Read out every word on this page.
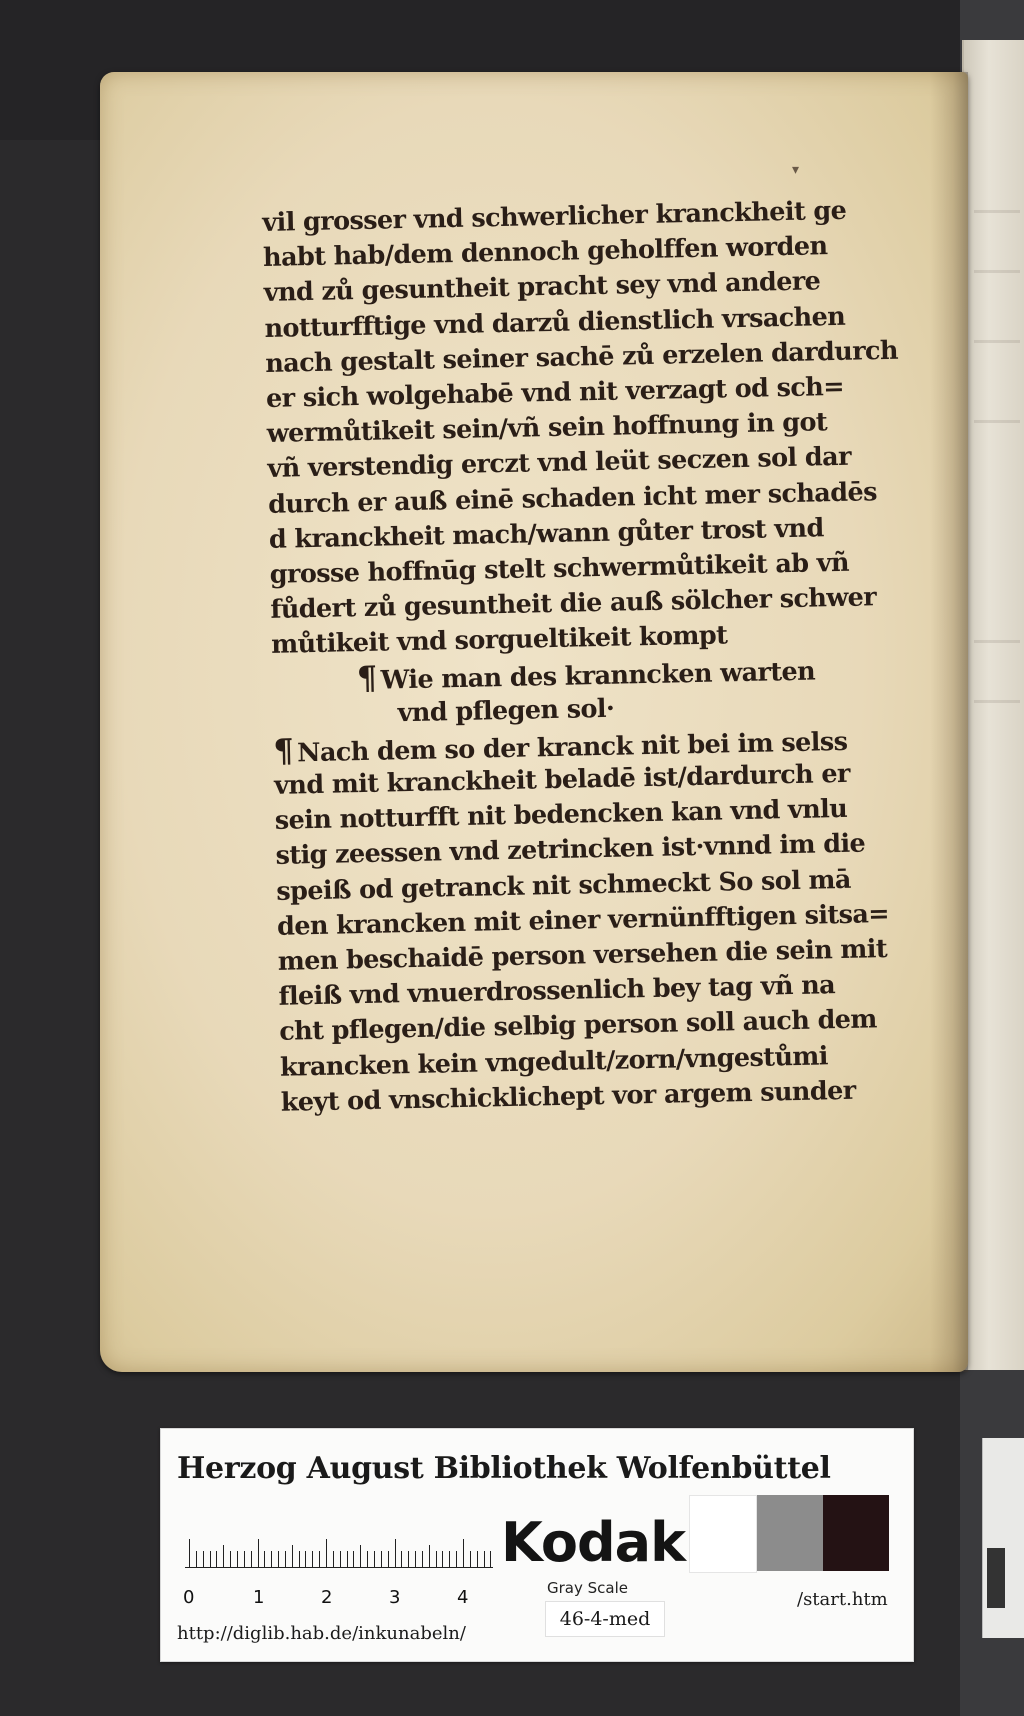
▾
vil grosser vnd schwerlicher kranckheit ge
habt hab/dem dennoch geholffen worden
vnd zů gesuntheit pracht sey vnd andere
notturfftige vnd darzů dienstlich vrsachen
nach gestalt seiner sachē zů erzelen dardurch
er sich wolgehabē vnd nit verzagt od sch=
wermůtikeit sein/vñ sein hoffnung in got
vñ verstendig erczt vnd leüt seczen sol dar
durch er auß einē schaden icht mer schadēs
d kranckheit mach/wann gůter trost vnd
grosse hoffnūg stelt schwermůtikeit ab vñ
fůdert zů gesuntheit die auß sölcher schwer
můtikeit vnd sorgueltikeit kompt
¶ Wie man des kranncken warten
vnd pflegen sol·
¶ Nach dem so der kranck nit bei im selss
vnd mit kranckheit beladē ist/dardurch er
sein notturfft nit bedencken kan vnd vnlu
stig zeessen vnd zetrincken ist·vnnd im die
speiß od getranck nit schmeckt So sol mā
den krancken mit einer vernünfftigen sitsa=
men beschaidē person versehen die sein mit
fleiß vnd vnuerdrossenlich bey tag vñ na
cht pflegen/die selbig person soll auch dem
krancken kein vngedult/zorn/vngestůmi
keyt od vnschicklichept vor argem sunder
Herzog August Bibliothek Wolfenbüttel
0	1	2	3	4
Kodak
Gray Scale
http://diglib.hab.de/inkunabeln/
46-4-med
/start.htm
